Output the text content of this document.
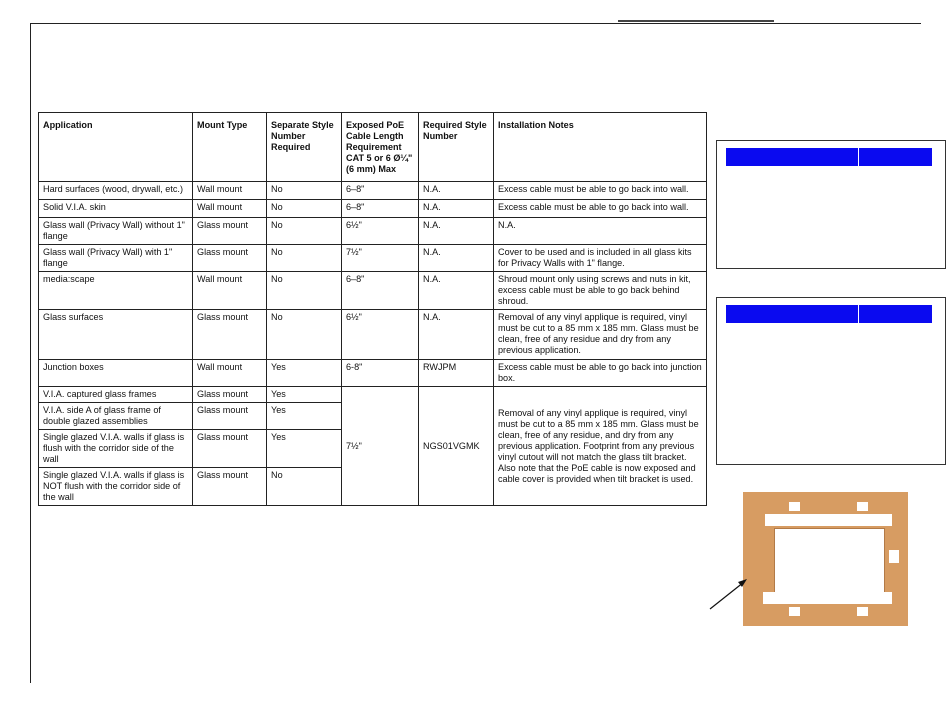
Application	Mount Type	Separate Style Number Required	Exposed PoE Cable Length Requirement CAT 5 or 6 Ø¼" (6 mm) Max	Required Style Number	Installation Notes
Hard surfaces (wood, drywall, etc.)	Wall mount	No	6–8"	N.A.	Excess cable must be able to go back into wall.
Solid V.I.A. skin	Wall mount	No	6–8"	N.A.	Excess cable must be able to go back into wall.
Glass wall (Privacy Wall) without 1" flange	Glass mount	No	6½"	N.A.	N.A.
Glass wall (Privacy Wall) with 1" flange	Glass mount	No	7½"	N.A.	Cover to be used and is included in all glass kits for Privacy Walls with 1" flange.
media:scape	Wall mount	No	6–8"	N.A.	Shroud mount only using screws and nuts in kit, excess cable must be able to go back behind shroud.
Glass surfaces	Glass mount	No	6½"	N.A.	Removal of any vinyl applique is required, vinyl must be cut to a 85 mm x 185 mm. Glass must be clean, free of any residue and dry from any previous application.
Junction boxes	Wall mount	Yes	6-8"	RWJPM	Excess cable must be able to go back into junction box.
V.I.A. captured glass frames	Glass mount	Yes	7½"	NGS01VGMK	Removal of any vinyl applique is required, vinyl must be cut to a 85 mm x 185 mm. Glass must be clean, free of any residue, and dry from any previous application. Footprint from any previous vinyl cutout will not match the glass tilt bracket. Also note that the PoE cable is now exposed and cable cover is provided when tilt bracket is used.
V.I.A. side A of glass frame of double glazed assemblies	Glass mount	Yes			
Single glazed V.I.A. walls if glass is flush with the corridor side of the wall	Glass mount	Yes			
Single glazed V.I.A. walls if glass is NOT flush with the corridor side of the wall	Glass mount	No			
